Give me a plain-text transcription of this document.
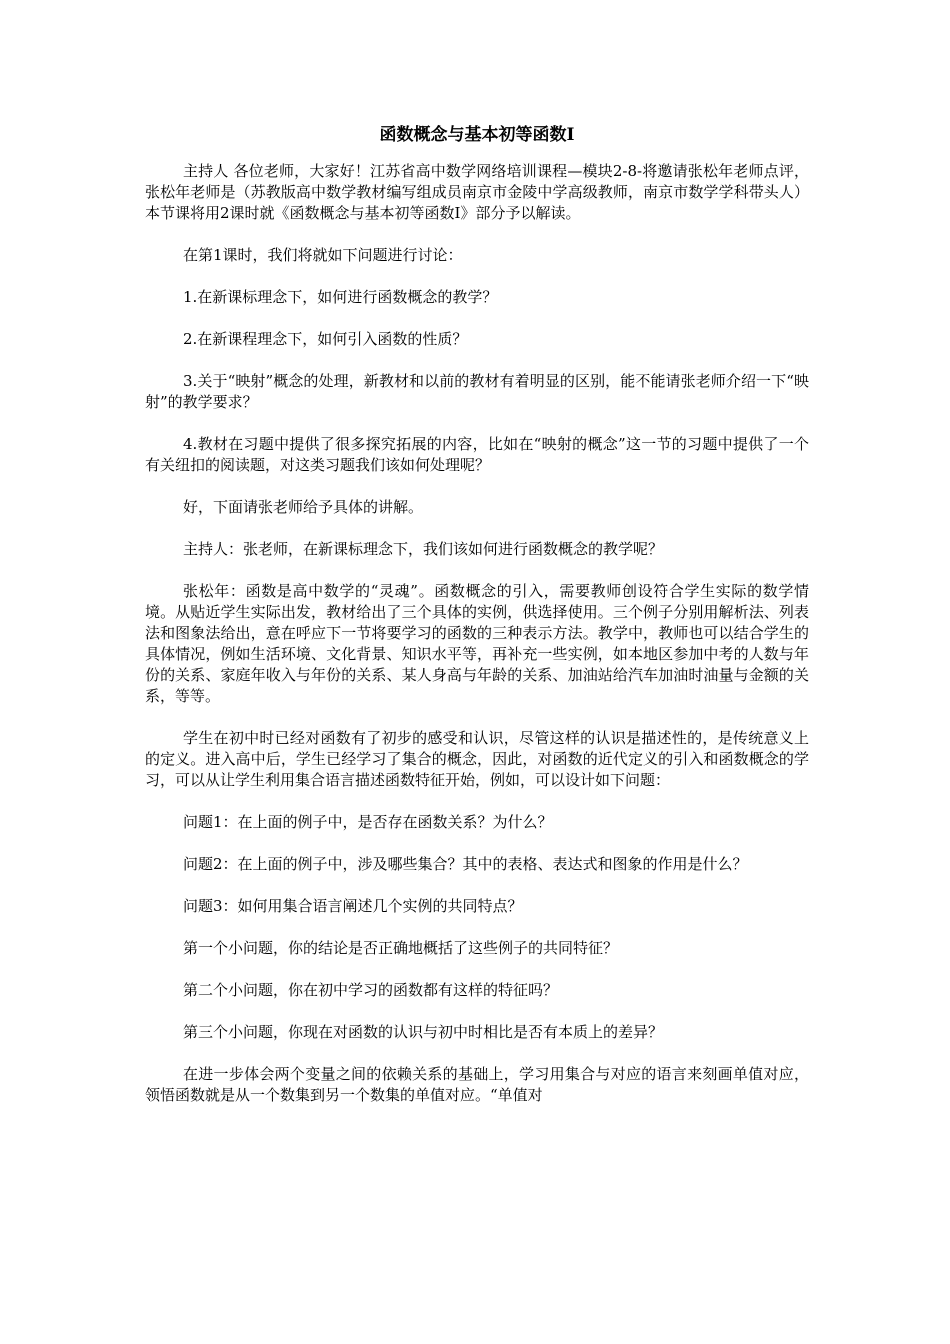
函数概念与基本初等函数Ⅰ

主持人 各位老师，大家好！江苏省高中数学网络培训课程—模块2-8-将邀请张松年老师点评，张松年老师是（苏教版高中数学教材编写组成员南京市金陵中学高级教师，南京市数学学科带头人）本节课将用2课时就《函数概念与基本初等函数Ⅰ》部分予以解读。

在第1课时，我们将就如下问题进行讨论：

1.在新课标理念下，如何进行函数概念的教学？

2.在新课程理念下，如何引入函数的性质？

3.关于“映射”概念的处理，新教材和以前的教材有着明显的区别，能不能请张老师介绍一下“映射”的教学要求？

4.教材在习题中提供了很多探究拓展的内容，比如在“映射的概念”这一节的习题中提供了一个有关纽扣的阅读题，对这类习题我们该如何处理呢？

好，下面请张老师给予具体的讲解。

主持人：张老师，在新课标理念下，我们该如何进行函数概念的教学呢？

张松年：函数是高中数学的“灵魂”。函数概念的引入，需要教师创设符合学生实际的数学情境。从贴近学生实际出发，教材给出了三个具体的实例，供选择使用。三个例子分别用解析法、列表法和图象法给出，意在呼应下一节将要学习的函数的三种表示方法。教学中，教师也可以结合学生的具体情况，例如生活环境、文化背景、知识水平等，再补充一些实例，如本地区参加中考的人数与年份的关系、家庭年收入与年份的关系、某人身高与年龄的关系、加油站给汽车加油时油量与金额的关系，等等。

学生在初中时已经对函数有了初步的感受和认识，尽管这样的认识是描述性的，是传统意义上的定义。进入高中后，学生已经学习了集合的概念，因此，对函数的近代定义的引入和函数概念的学习，可以从让学生利用集合语言描述函数特征开始，例如，可以设计如下问题：

问题1：在上面的例子中，是否存在函数关系？为什么？

问题2：在上面的例子中，涉及哪些集合？其中的表格、表达式和图象的作用是什么？

问题3：如何用集合语言阐述几个实例的共同特点？

第一个小问题，你的结论是否正确地概括了这些例子的共同特征？

第二个小问题，你在初中学习的函数都有这样的特征吗？

第三个小问题，你现在对函数的认识与初中时相比是否有本质上的差异？

在进一步体会两个变量之间的依赖关系的基础上，学习用集合与对应的语言来刻画单值对应，领悟函数就是从一个数集到另一个数集的单值对应。“单值对
